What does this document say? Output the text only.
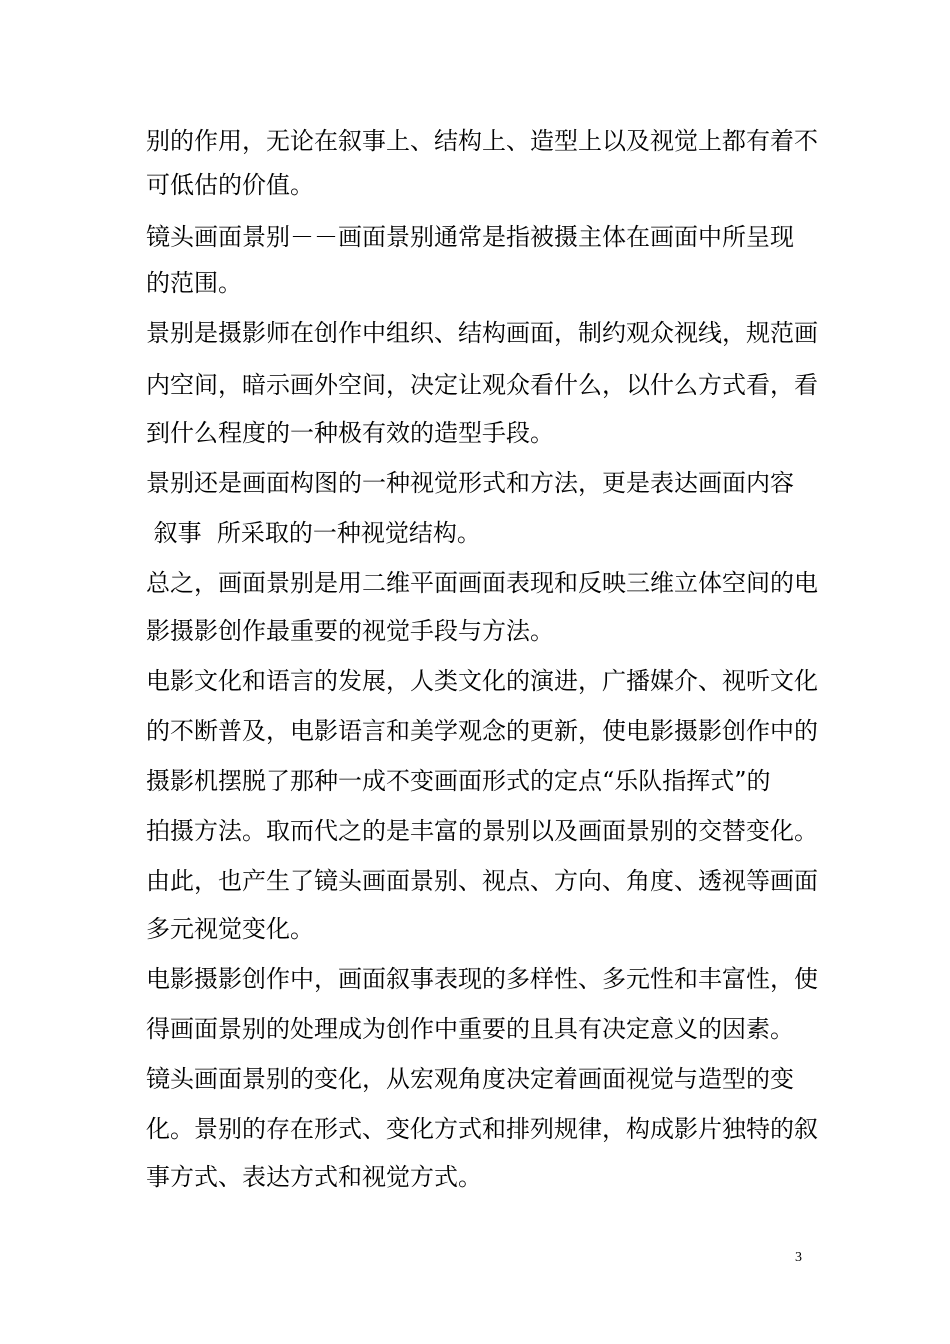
别的作用，无论在叙事上、结构上、造型上以及视觉上都有着不
可低估的价值。
镜头画面景别－－画面景别通常是指被摄主体在画面中所呈现
的范围。
景别是摄影师在创作中组织、结构画面，制约观众视线，规范画
内空间，暗示画外空间，决定让观众看什么，以什么方式看，看
到什么程度的一种极有效的造型手段。
景别还是画面构图的一种视觉形式和方法，更是表达画面内容
叙事  所采取的一种视觉结构。
总之，画面景别是用二维平面画面表现和反映三维立体空间的电
影摄影创作最重要的视觉手段与方法。
电影文化和语言的发展，人类文化的演进，广播媒介、视听文化
的不断普及，电影语言和美学观念的更新，使电影摄影创作中的
摄影机摆脱了那种一成不变画面形式的定点“乐队指挥式”的
拍摄方法。取而代之的是丰富的景别以及画面景别的交替变化。
由此，也产生了镜头画面景别、视点、方向、角度、透视等画面
多元视觉变化。
电影摄影创作中，画面叙事表现的多样性、多元性和丰富性，使
得画面景别的处理成为创作中重要的且具有决定意义的因素。
镜头画面景别的变化，从宏观角度决定着画面视觉与造型的变
化。景别的存在形式、变化方式和排列规律，构成影片独特的叙
事方式、表达方式和视觉方式。
3
